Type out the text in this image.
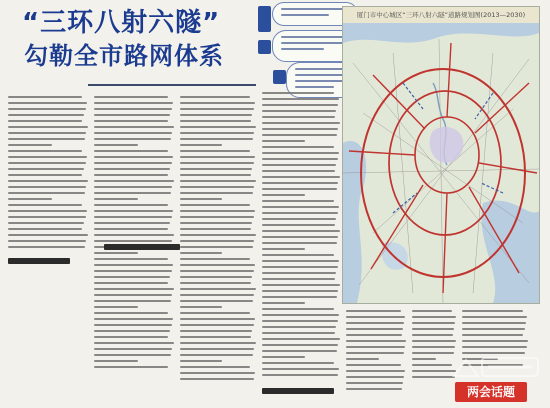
“三环八射六隧”
勾勒全市路网体系
厦门市中心城区“三环八射六隧”道路规划图(2013—2030)
两会话题
